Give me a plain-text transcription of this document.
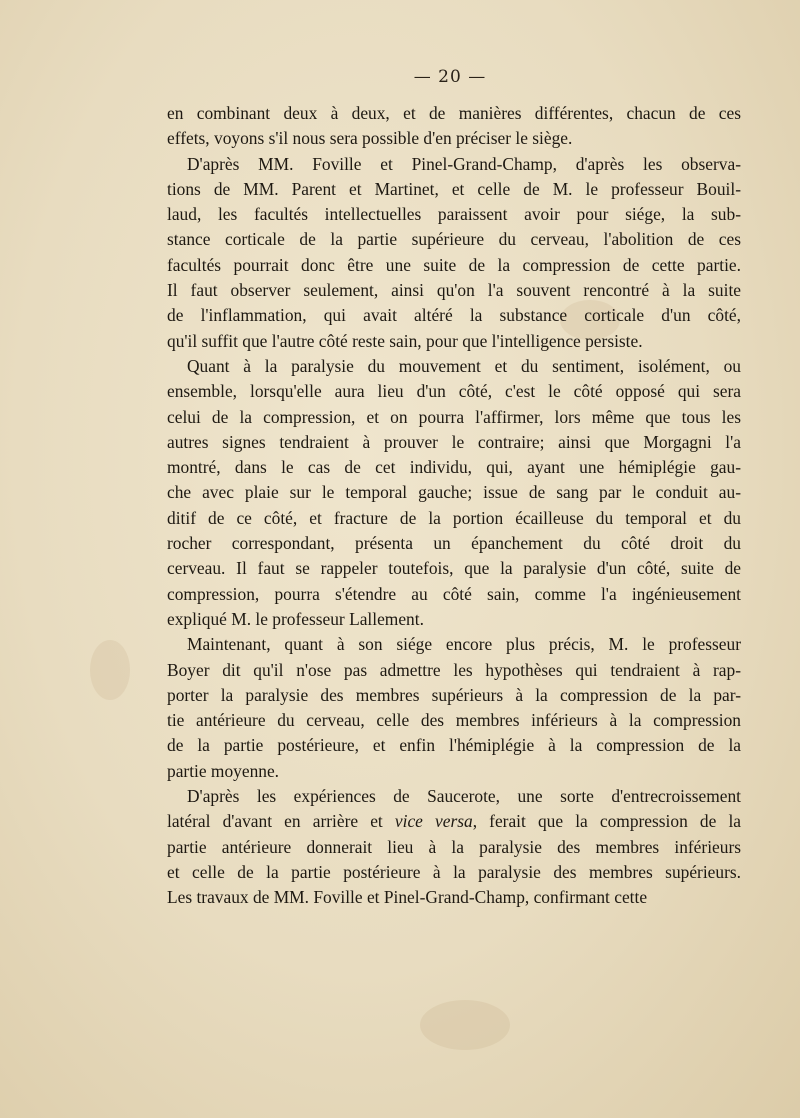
— 20 —
en combinant deux à deux, et de manières différentes, chacun de ces
effets, voyons s'il nous sera possible d'en préciser le siège.
D'après MM. Foville et Pinel-Grand-Champ, d'après les observa-
tions de MM. Parent et Martinet, et celle de M. le professeur Bouil-
laud, les facultés intellectuelles paraissent avoir pour siége, la sub-
stance corticale de la partie supérieure du cerveau, l'abolition de ces
facultés pourrait donc être une suite de la compression de cette partie.
Il faut observer seulement, ainsi qu'on l'a souvent rencontré à la suite
de l'inflammation, qui avait altéré la substance corticale d'un côté,
qu'il suffit que l'autre côté reste sain, pour que l'intelligence persiste.
Quant à la paralysie du mouvement et du sentiment, isolément, ou
ensemble, lorsqu'elle aura lieu d'un côté, c'est le côté opposé qui sera
celui de la compression, et on pourra l'affirmer, lors même que tous les
autres signes tendraient à prouver le contraire; ainsi que Morgagni l'a
montré, dans le cas de cet individu, qui, ayant une hémiplégie gau-
che avec plaie sur le temporal gauche; issue de sang par le conduit au-
ditif de ce côté, et fracture de la portion écailleuse du temporal et du
rocher correspondant, présenta un épanchement du côté droit du
cerveau. Il faut se rappeler toutefois, que la paralysie d'un côté, suite de
compression, pourra s'étendre au côté sain, comme l'a ingénieusement
expliqué M. le professeur Lallement.
Maintenant, quant à son siége encore plus précis, M. le professeur
Boyer dit qu'il n'ose pas admettre les hypothèses qui tendraient à rap-
porter la paralysie des membres supérieurs à la compression de la par-
tie antérieure du cerveau, celle des membres inférieurs à la compression
de la partie postérieure, et enfin l'hémiplégie à la compression de la
partie moyenne.
D'après les expériences de Saucerote, une sorte d'entrecroissement
latéral d'avant en arrière et vice versa, ferait que la compression de la
partie antérieure donnerait lieu à la paralysie des membres inférieurs
et celle de la partie postérieure à la paralysie des membres supérieurs.
Les travaux de MM. Foville et Pinel-Grand-Champ, confirmant cette
